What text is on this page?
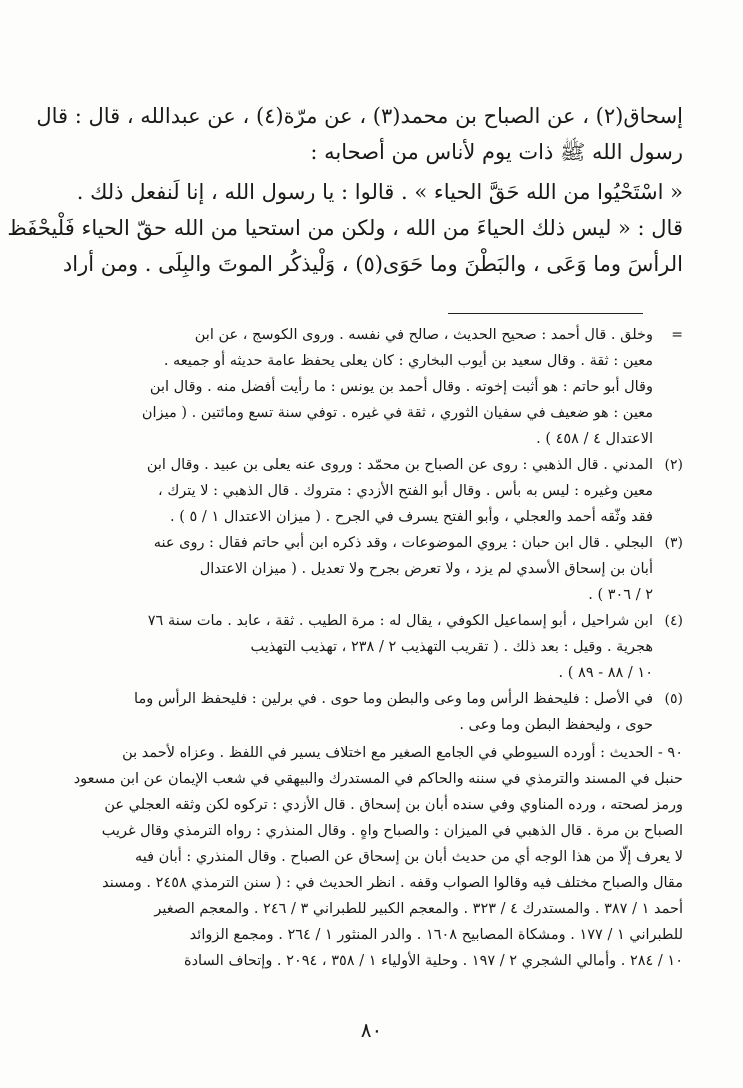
إسحاق(٢) ، عن الصباح بن محمد(٣) ، عن مرّة(٤) ، عن عبدالله ، قال : قال
رسول الله ﷺ ذات يوم لأناس من أصحابه :
« اسْتَحْيُوا من الله حَقَّ الحياء » . قالوا : يا رسول الله ، إنا لَنفعل ذلك .
قال : « ليس ذلك الحياءَ من الله ، ولكن من استحيا من الله حقّ الحياء فَلْيحْفَظ
الرأسَ وما وَعَى ، والبَطْنَ وما حَوَى(٥) ، وَلْيذكُر الموتَ والبِلَى . ومن أراد
=
وخلق . قال أحمد : صحيح الحديث ، صالح في نفسه . وروى الكوسج ، عن ابن
معين : ثقة . وقال سعيد بن أيوب البخاري : كان يعلى يحفظ عامة حديثه أو جميعه .
وقال أبو حاتم : هو أثبت إخوته . وقال أحمد بن يونس : ما رأيت أفضل منه . وقال ابن
معين : هو ضعيف في سفيان الثوري ، ثقة في غيره . توفي سنة تسع ومائتين . ( ميزان
الاعتدال ٤ / ٤٥٨ ) .
(٢)
المدني . قال الذهبي : روى عن الصباح بن محمّد : وروى عنه يعلى بن عبيد . وقال ابن
معين وغيره : ليس به بأس . وقال أبو الفتح الأزدي : متروك . قال الذهبي : لا يترك ،
فقد وثّقه أحمد والعجلي ، وأبو الفتح يسرف في الجرح . ( ميزان الاعتدال ١ / ٥ ) .
(٣)
البجلي . قال ابن حبان : يروي الموضوعات ، وقد ذكره ابن أبي حاتم فقال : روى عنه
أبان بن إسحاق الأسدي لم يزد ، ولا تعرض بجرح ولا تعديل . ( ميزان الاعتدال
٢ / ٣٠٦ ) .
(٤)
ابن شراحيل ، أبو إسماعيل الكوفي ، يقال له : مرة الطيب . ثقة ، عابد . مات سنة ٧٦
هجرية . وقيل : بعد ذلك . ( تقريب التهذيب ٢ / ٢٣٨ ، تهذيب التهذيب
١٠ / ٨٨ - ٨٩ ) .
(٥)
في الأصل : فليحفظ الرأس وما وعى والبطن وما حوى . في برلين : فليحفظ الرأس وما
حوى ، وليحفظ البطن وما وعى .
٩٠ - الحديث : أورده السيوطي في الجامع الصغير مع اختلاف يسير في اللفظ . وعزاه لأحمد بن
حنبل في المسند والترمذي في سننه والحاكم في المستدرك والبيهقي في شعب الإيمان عن ابن مسعود
ورمز لصحته ، ورده المناوي وفي سنده أبان بن إسحاق . قال الأزدي : تركوه لكن وثقه العجلي عن
الصباح بن مرة . قال الذهبي في الميزان : والصباح واهٍ . وقال المنذري : رواه الترمذي وقال غريب
لا يعرف إلّا من هذا الوجه أي من حديث أبان بن إسحاق عن الصباح . وقال المنذري : أبان فيه
مقال والصباح مختلف فيه وقالوا الصواب وقفه . انظر الحديث في : ( سنن الترمذي ٢٤٥٨ . ومسند
أحمد ١ / ٣٨٧ . والمستدرك ٤ / ٣٢٣ . والمعجم الكبير للطبراني ٣ / ٢٤٦ . والمعجم الصغير
للطبراني ١ / ١٧٧ . ومشكاة المصابيح ١٦٠٨ . والدر المنثور ١ / ٢٦٤ . ومجمع الزوائد
١٠ / ٢٨٤ . وأمالي الشجري ٢ / ١٩٧ . وحلية الأولياء ١ / ٣٥٨ ، ٢٠٩٤ . وإتحاف السادة
٨٠
